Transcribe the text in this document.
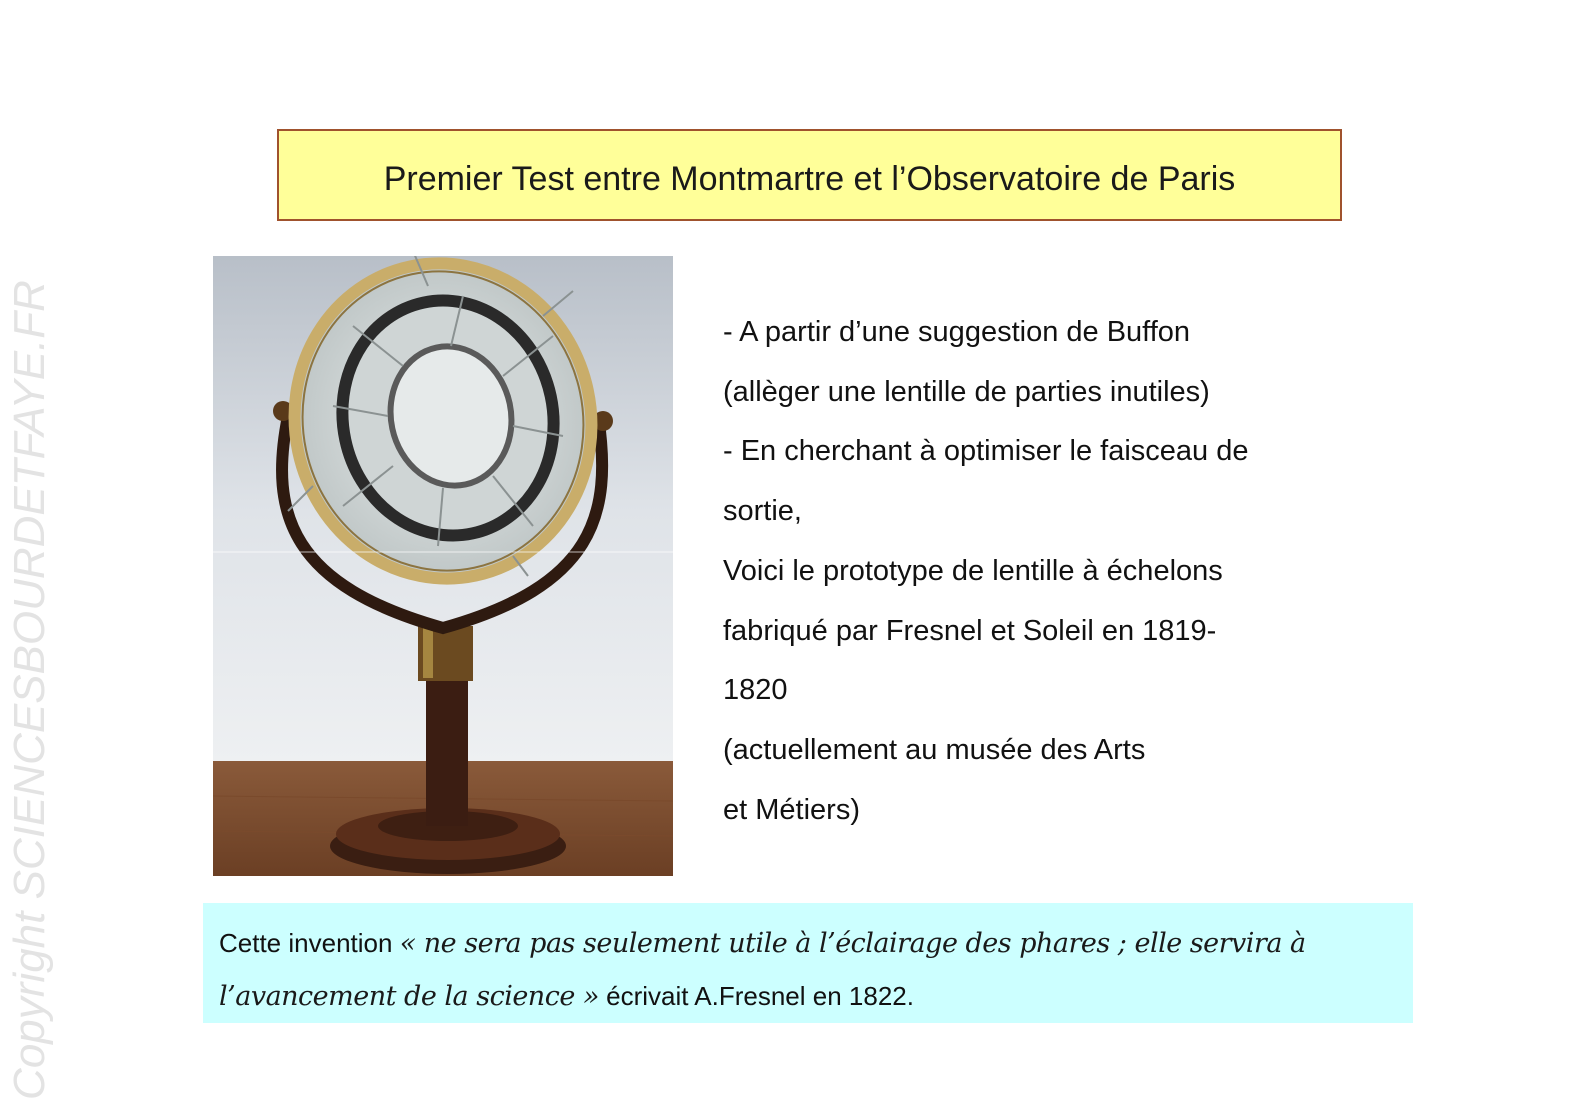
Copyright SCIENCESBOURDETFAYE.FR
Premier Test entre Montmartre et l’Observatoire de Paris

- A partir d’une suggestion de Buffon

(allèger une lentille de parties inutiles)

- En cherchant à optimiser le faisceau de

sortie,

Voici le prototype de lentille à échelons

fabriqué par Fresnel et Soleil en 1819-

1820

(actuellement au musée des Arts

et Métiers)

Cette invention « ne sera pas seulement utile à l’éclairage des phares ; elle servira à
l’avancement de la science » écrivait A.Fresnel en 1822.
